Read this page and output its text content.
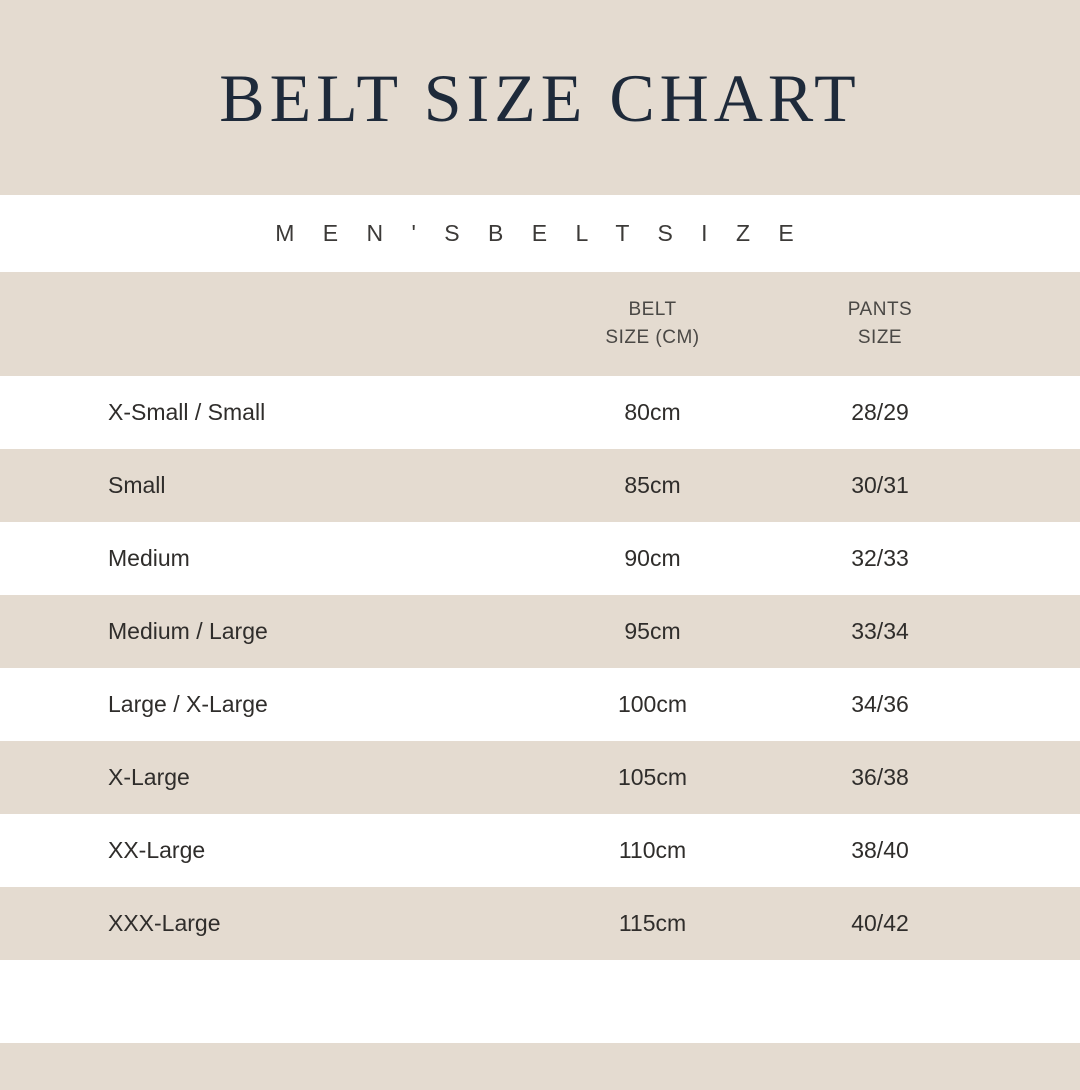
BELT SIZE CHART
M E N ' S B E L T S I Z E
BELT
SIZE (CM)
PANTS
SIZE
X-Small / Small	80cm	28/29
Small	85cm	30/31
Medium	90cm	32/33
Medium / Large	95cm	33/34
Large / X-Large	100cm	34/36
X-Large	105cm	36/38
XX-Large	110cm	38/40
XXX-Large	115cm	40/42
